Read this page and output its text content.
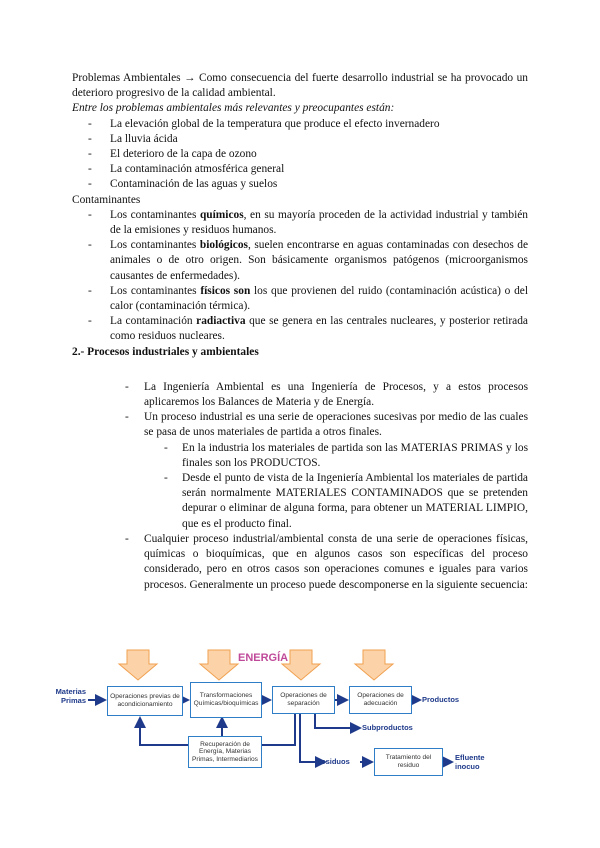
Problemas Ambientales → Como consecuencia del fuerte desarrollo industrial se ha provocado un deterioro progresivo de la calidad ambiental.

Entre los problemas ambientales más relevantes y preocupantes están:

- La elevación global de la temperatura que produce el efecto invernadero
- La lluvia ácida
- El deterioro de la capa de ozono
- La contaminación atmosférica general
- Contaminación de las aguas y suelos

Contaminantes

- Los contaminantes químicos, en su mayoría proceden de la actividad industrial y también de la emisiones y residuos humanos.
- Los contaminantes biológicos, suelen encontrarse en aguas contaminadas con desechos de animales o de otro origen. Son básicamente organismos patógenos (microorganismos causantes de enfermedades).
- Los contaminantes físicos son los que provienen del ruido (contaminación acústica) o del calor (contaminación térmica).
- La contaminación radiactiva que se genera en las centrales nucleares, y posterior retirada como residuos nucleares.

2.- Procesos industriales y ambientales

- La Ingeniería Ambiental es una Ingeniería de Procesos, y a estos procesos aplicaremos los Balances de Materia y de Energía.
- Un proceso industrial es una serie de operaciones sucesivas por medio de las cuales se pasa de unos materiales de partida a otros finales.
- En la industria los materiales de partida son las MATERIAS PRIMAS y los finales son los PRODUCTOS.
- Desde el punto de vista de la Ingeniería Ambiental los materiales de partida serán normalmente MATERIALES CONTAMINADOS que se pretenden depurar o eliminar de alguna forma, para obtener un MATERIAL LIMPIO, que es el producto final.
- Cualquier proceso industrial/ambiental consta de una serie de operaciones físicas, químicas o bioquímicas, que en algunos casos son específicas del proceso considerado, pero en otros casos son operaciones comunes e iguales para varios procesos. Generalmente un proceso puede descomponerse en la siguiente secuencia:
ENERGÍA
Materias Primas	Operaciones previas de acondicionamiento
Transformaciones Químicas/bioquímicas
Operaciones de separación
Operaciones de adecuación
Recuperación de Energía, Materias Primas, Intermediarios	Tratamiento del residuo
Productos
Subproductos
Residuos	Efluente inocuo
